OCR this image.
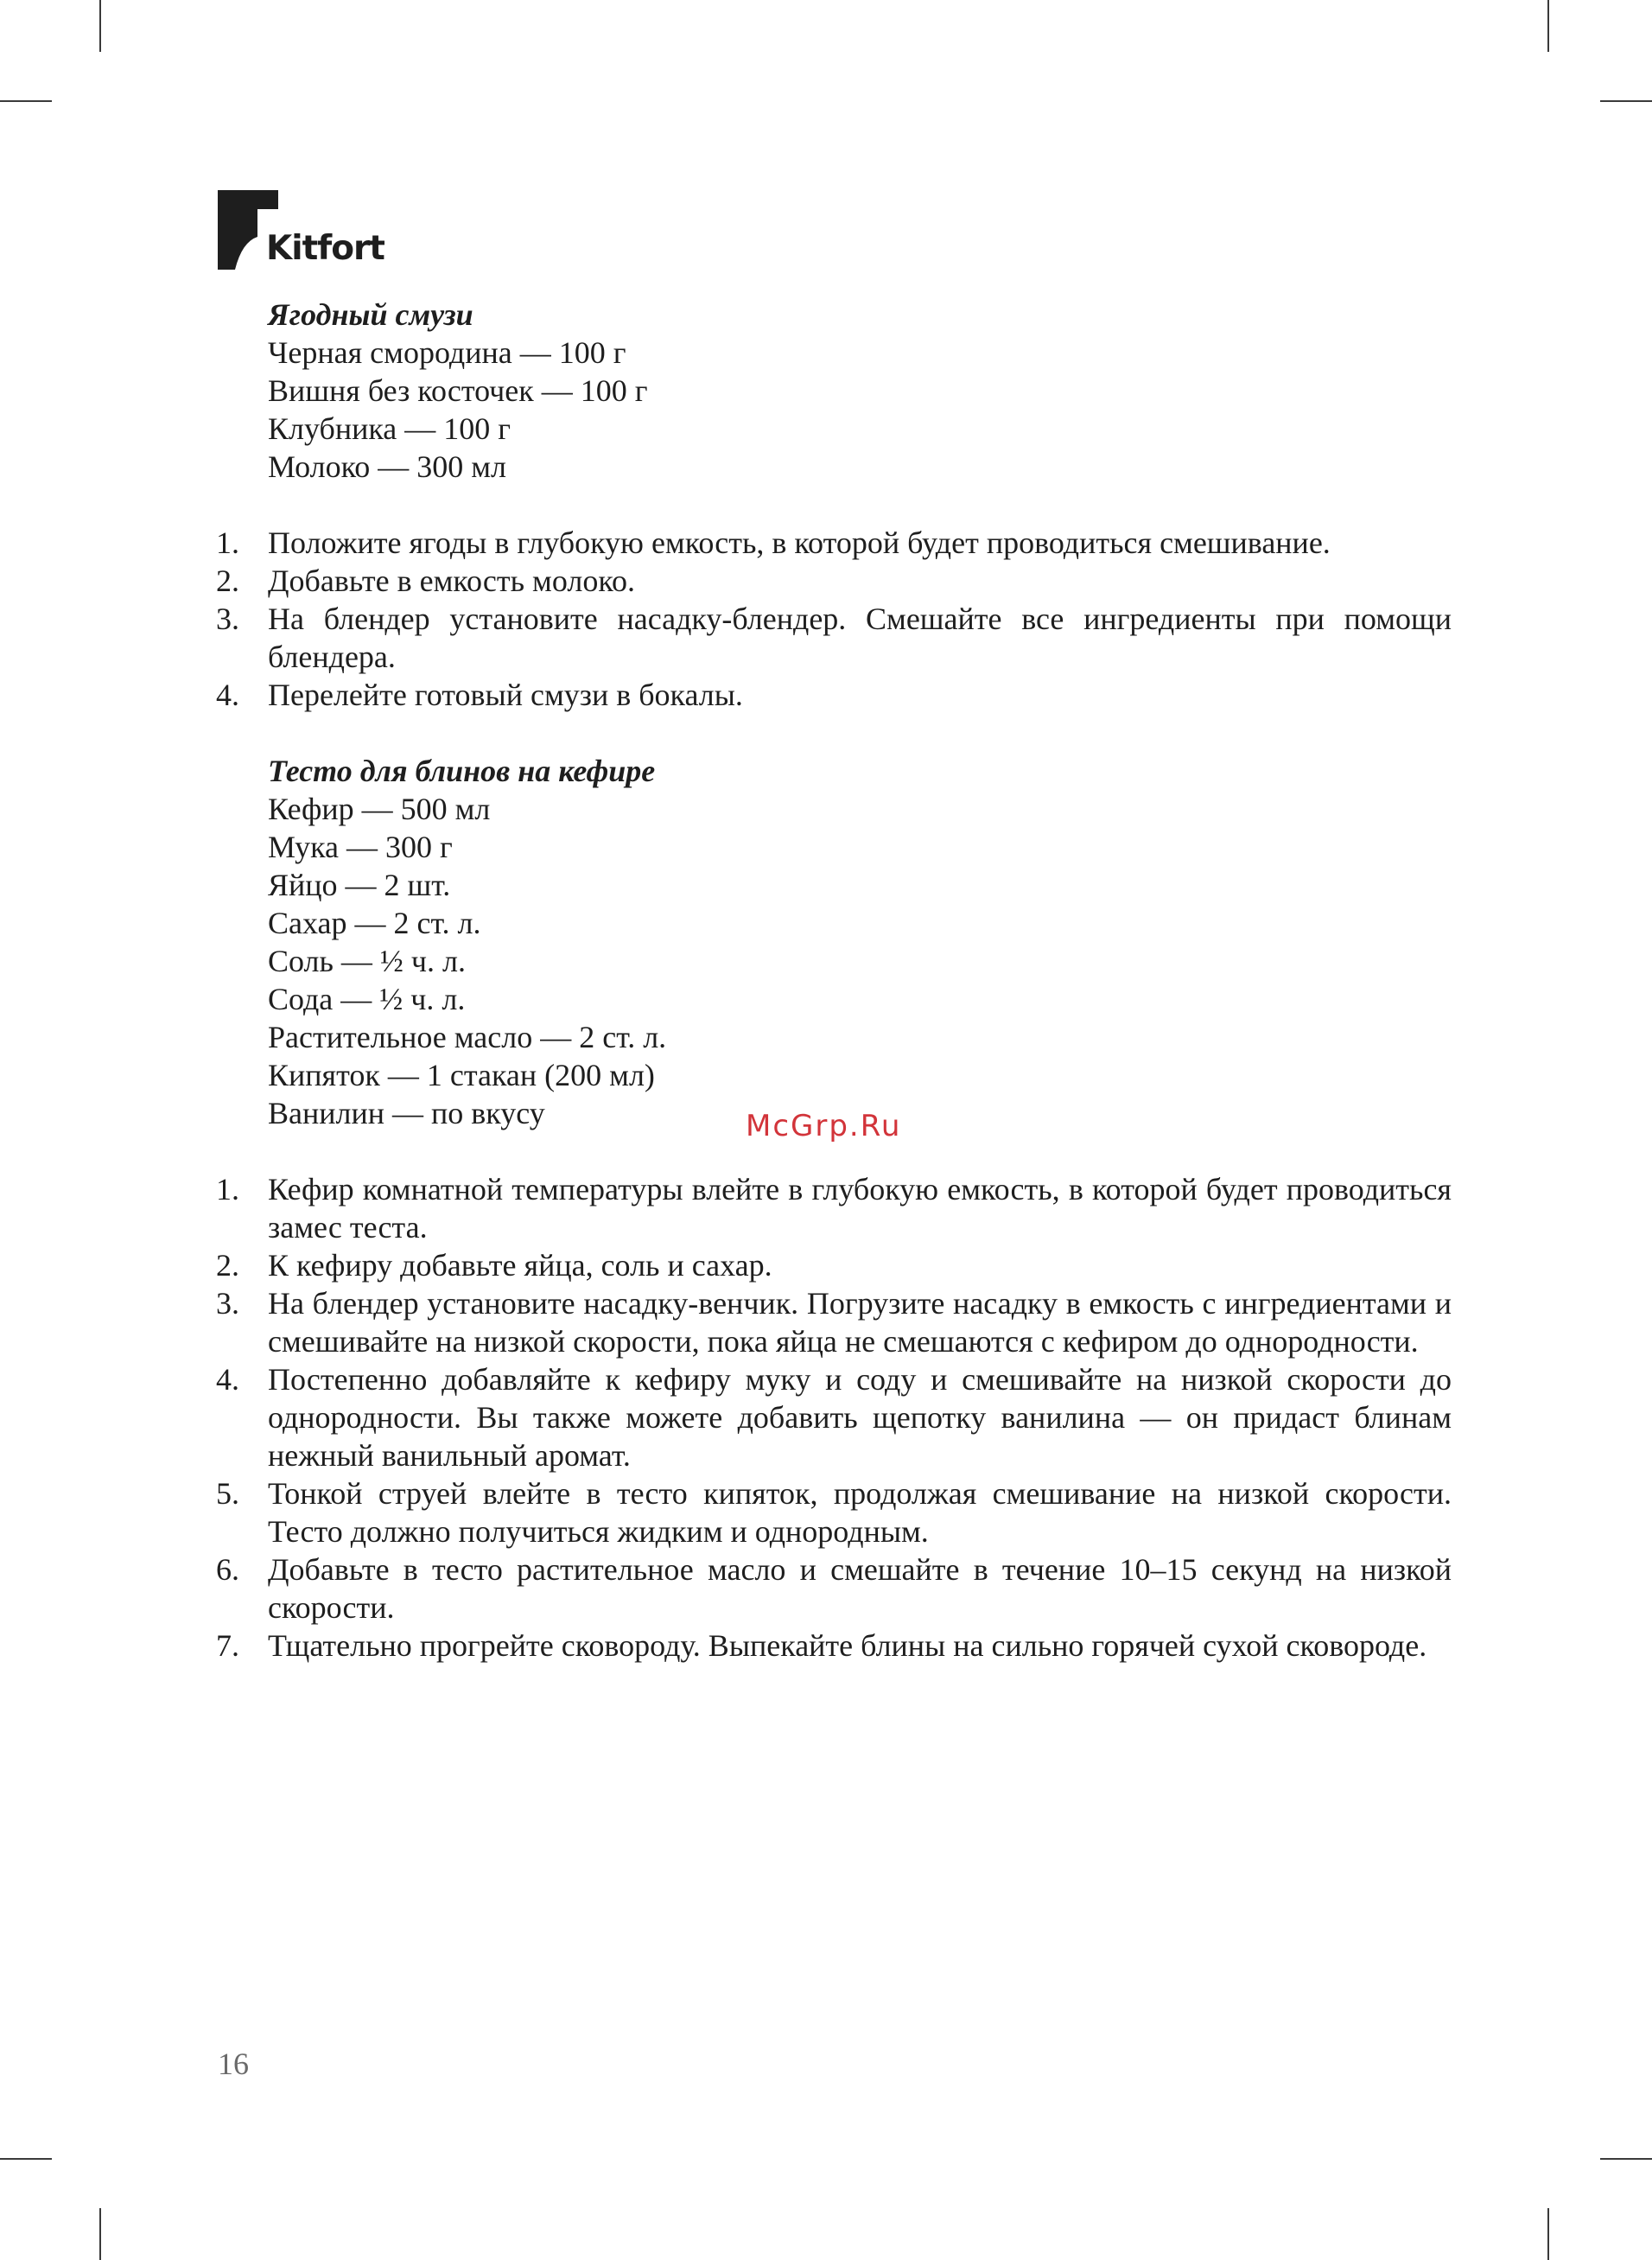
Kitfort
Ягодный смузи
Черная смородина — 100 г
Вишня без косточек — 100 г
Клубника — 100 г
Молоко — 300 мл
1. Положите ягоды в глубокую емкость, в которой будет проводиться смешивание.
2. Добавьте в емкость молоко.
3. На блендер установите насадку-блендер. Смешайте все ингредиенты при помощи блендера.
4. Перелейте готовый смузи в бокалы.
Тесто для блинов на кефире
Кефир — 500 мл
Мука — 300 г
Яйцо — 2 шт.
Сахар — 2 ст. л.
Соль — ½ ч. л.
Сода — ½ ч. л.
Растительное масло — 2 ст. л.
Кипяток — 1 стакан (200 мл)
Ванилин — по вкусу
1. Кефир комнатной температуры влейте в глубокую емкость, в которой будет проводиться замес теста.
2. К кефиру добавьте яйца, соль и сахар.
3. На блендер установите насадку-венчик. Погрузите насадку в емкость с ингредиентами и смешивайте на низкой скорости, пока яйца не смешаются с кефиром до однородности.
4. Постепенно добавляйте к кефиру муку и соду и смешивайте на низкой скорости до однородности. Вы также можете добавить щепотку ванилина — он придаст блинам нежный ванильный аромат.
5. Тонкой струей влейте в тесто кипяток, продолжая смешивание на низкой скорости. Тесто должно получиться жидким и однородным.
6. Добавьте в тесто растительное масло и смешайте в течение 10–15 секунд на низкой скорости.
7. Тщательно прогрейте сковороду. Выпекайте блины на сильно горячей сухой сковороде.
McGrp.Ru
16
